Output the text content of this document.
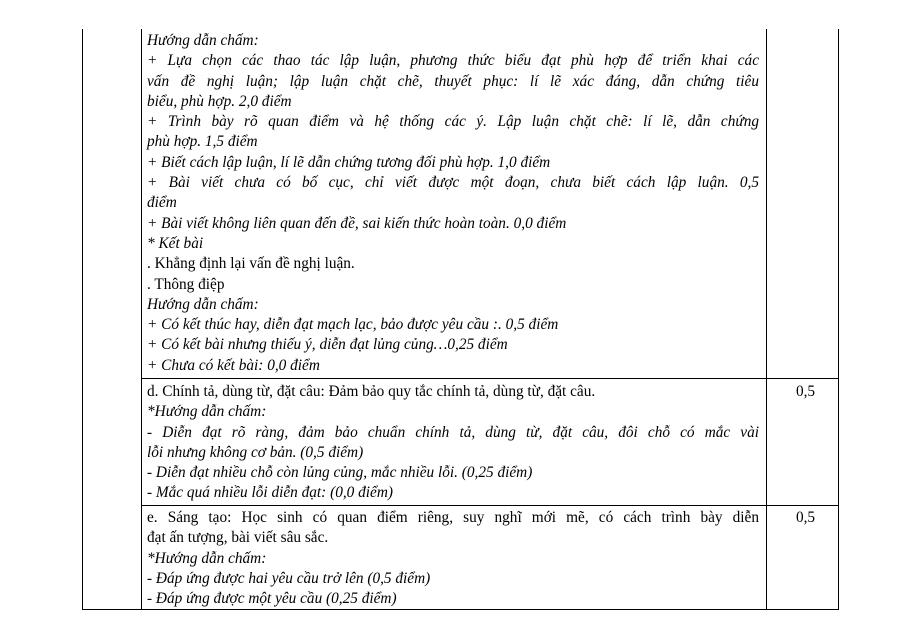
Hướng dẫn chấm:
+ Lựa chọn các thao tác lập luận, phương thức biểu đạt phù hợp để triển khai các
vấn đề nghị luận; lập luận chặt chẽ, thuyết phục: lí lẽ xác đáng, dẫn chứng tiêu
biểu, phù hợp. 2,0 điểm
+ Trình bày rõ quan điểm và hệ thống các ý. Lập luận chặt chẽ: lí lẽ, dẫn chứng
phù hợp. 1,5 điểm
+ Biết cách lập luận, lí lẽ dẫn chứng tương đối phù hợp. 1,0 điểm
+ Bài viết chưa có bố cục, chỉ viết được một đoạn, chưa biết cách lập luận. 0,5
điểm
+ Bài viết không liên quan đến đề, sai kiến thức hoàn toàn. 0,0 điểm
* Kết bài
. Khẳng định lại vấn đề nghị luận.
. Thông điệp
Hướng dẫn chấm:
+ Có kết thúc hay, diễn đạt mạch lạc, bảo được yêu cầu :. 0,5 điểm
+ Có kết bài nhưng thiếu ý, diễn đạt lủng củng…0,25 điểm
+ Chưa có kết bài: 0,0 điểm
d. Chính tả, dùng từ, đặt câu: Đảm bảo quy tắc chính tả, dùng từ, đặt câu.
*Hướng dẫn chấm:
- Diễn đạt rõ ràng, đảm bảo chuẩn chính tả, dùng từ, đặt câu, đôi chỗ có mắc vài
lỗi nhưng không cơ bản. (0,5 điểm)
- Diễn đạt nhiều chỗ còn lủng củng, mắc nhiều lỗi. (0,25 điểm)
- Mắc quá nhiều lỗi diễn đạt: (0,0 điểm)
0,5
e. Sáng tạo: Học sinh có quan điểm riêng, suy nghĩ mới mẽ, có cách trình bày diễn
đạt ấn tượng, bài viết sâu sắc.
*Hướng dẫn chấm:
- Đáp ứng được hai yêu cầu trở lên (0,5 điểm)
- Đáp ứng được một yêu cầu (0,25 điểm)
0,5
